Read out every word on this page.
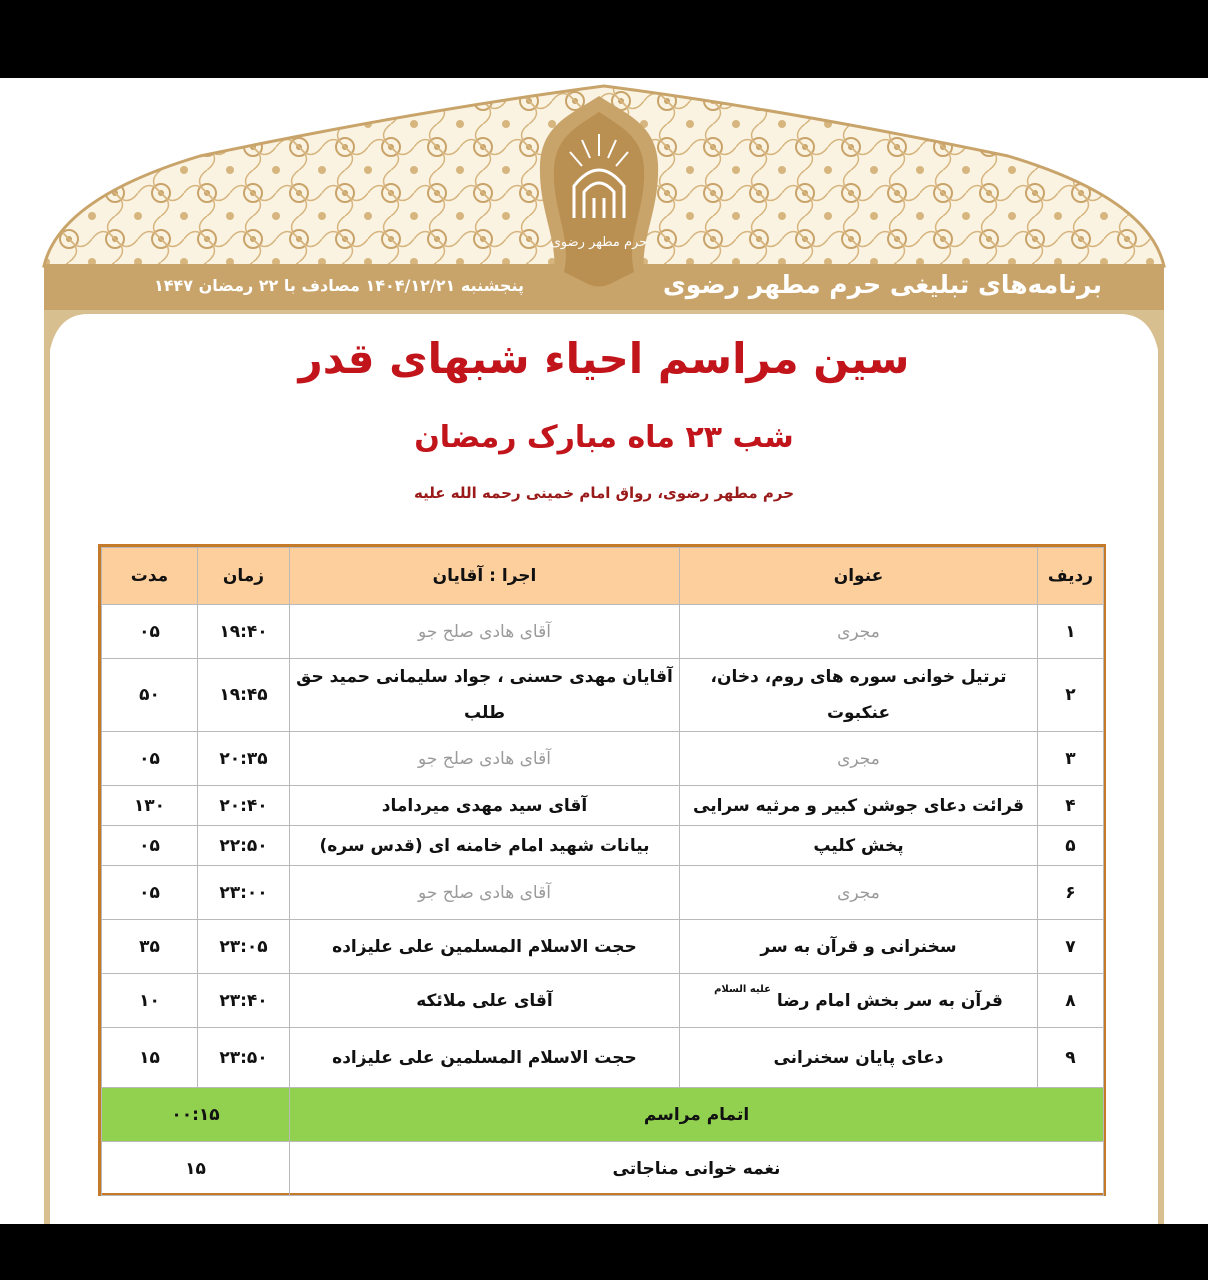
برنامه‌های تبلیغی حرم مطهر رضوی
پنجشنبه ۱۴۰۴/۱۲/۲۱ مصادف با ۲۲ رمضان ۱۴۴۷
حرم مطهر رضوی
سین مراسم احیاء شبهای قدر
شب ۲۳ ماه مبارک رمضان
حرم مطهر رضوی، رواق امام خمینی رحمه الله علیه
ردیف	عنوان	اجرا : آقایان	زمان	مدت
۱	مجری	آقای هادی صلح جو	۱۹:۴۰	۰۵
۲	ترتیل خوانی سوره های روم، دخان، عنکبوت	آقایان مهدی حسنی ، جواد سلیمانی حمید حق طلب	۱۹:۴۵	۵۰
۳	مجری	آقای هادی صلح جو	۲۰:۳۵	۰۵
۴	قرائت دعای جوشن کبیر و مرثیه سرایی	آقای سید مهدی میرداماد	۲۰:۴۰	۱۳۰
۵	پخش کلیپ	بیانات شهید امام خامنه ای (قدس سره)	۲۲:۵۰	۰۵
۶	مجری	آقای هادی صلح جو	۲۳:۰۰	۰۵
۷	سخنرانی و قرآن به سر	حجت الاسلام المسلمین علی علیزاده	۲۳:۰۵	۳۵
۸	قرآن به سر بخش امام رضا $^{علیه السلام}$	آقای علی ملائکه	۲۳:۴۰	۱۰
۹	دعای پایان سخنرانی	حجت الاسلام المسلمین علی علیزاده	۲۳:۵۰	۱۵
اتمام مراسم			۰۰:۱۵	
نغمه خوانی مناجاتی			۱۵	
